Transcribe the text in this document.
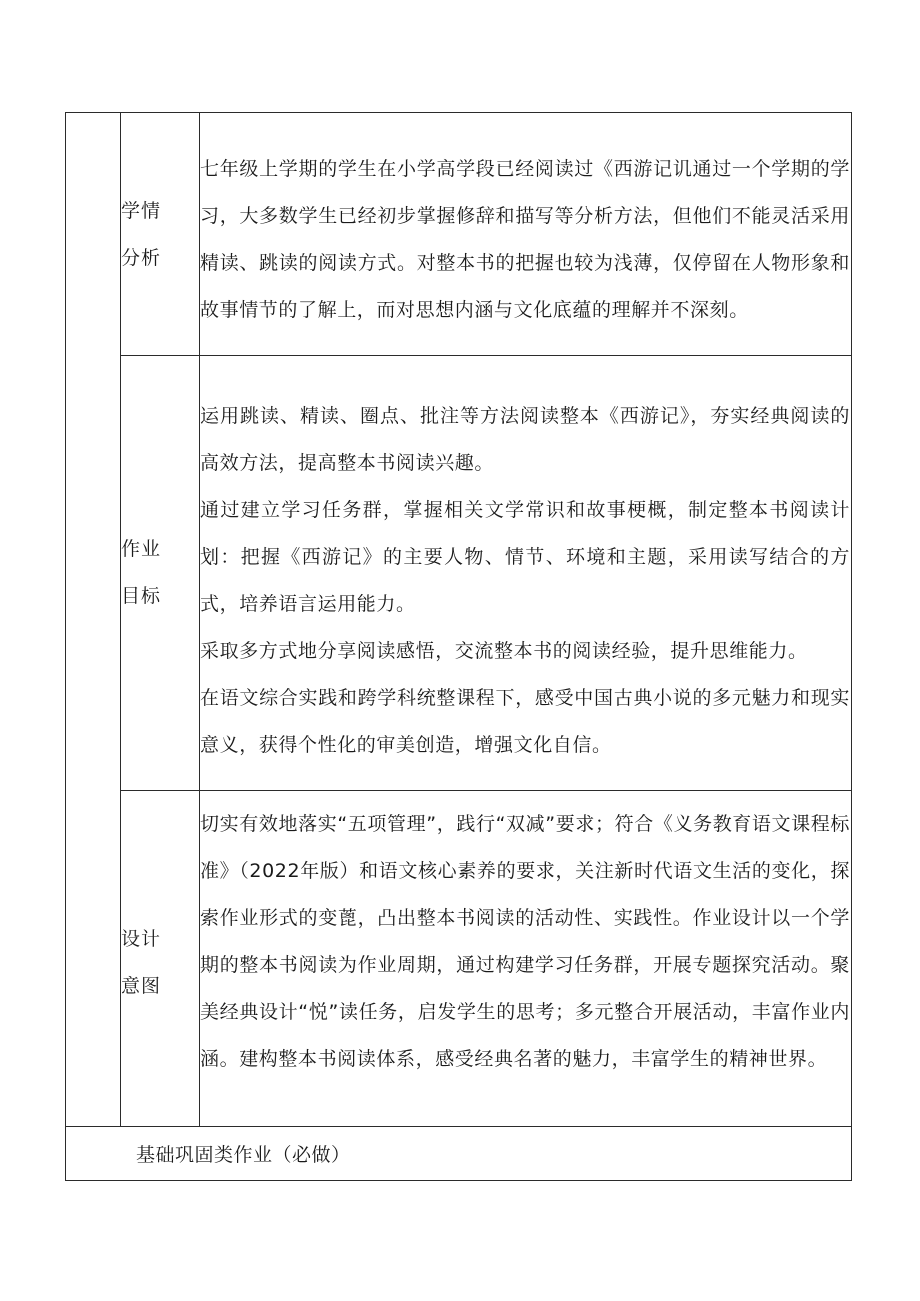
学情
分析

七年级上学期的学生在小学高学段已经阅读过《西游记讥通过一个学期的学习，大多数学生已经初步掌握修辞和描写等分析方法，但他们不能灵活采用精读、跳读的阅读方式。对整本书的把握也较为浅薄，仅停留在人物形象和故事情节的了解上，而对思想内涵与文化底蕴的理解并不深刻。

作业
目标

运用跳读、精读、圈点、批注等方法阅读整本《西游记》，夯实经典阅读的高效方法，提高整本书阅读兴趣。

通过建立学习任务群，掌握相关文学常识和故事梗概，制定整本书阅读计划：把握《西游记》的主要人物、情节、环境和主题，采用读写结合的方式，培养语言运用能力。

采取多方式地分享阅读感悟，交流整本书的阅读经验，提升思维能力。

在语文综合实践和跨学科统整课程下，感受中国古典小说的多元魅力和现实意义，获得个性化的审美创造，增强文化自信。

设计
意图

切实有效地落实“五项管理”，践行“双减”要求；符合《义务教育语文课程标准》（2022年版）和语文核心素养的要求，关注新时代语文生活的变化，探索作业形式的变蓖，凸出整本书阅读的活动性、实践性。作业设计以一个学期的整本书阅读为作业周期，通过构建学习任务群，开展专题探究活动。聚美经典设计“悦”读任务，启发学生的思考；多元整合开展活动，丰富作业内涵。建构整本书阅读体系，感受经典名著的魅力，丰富学生的精神世界。

基础巩固类作业（必做）
